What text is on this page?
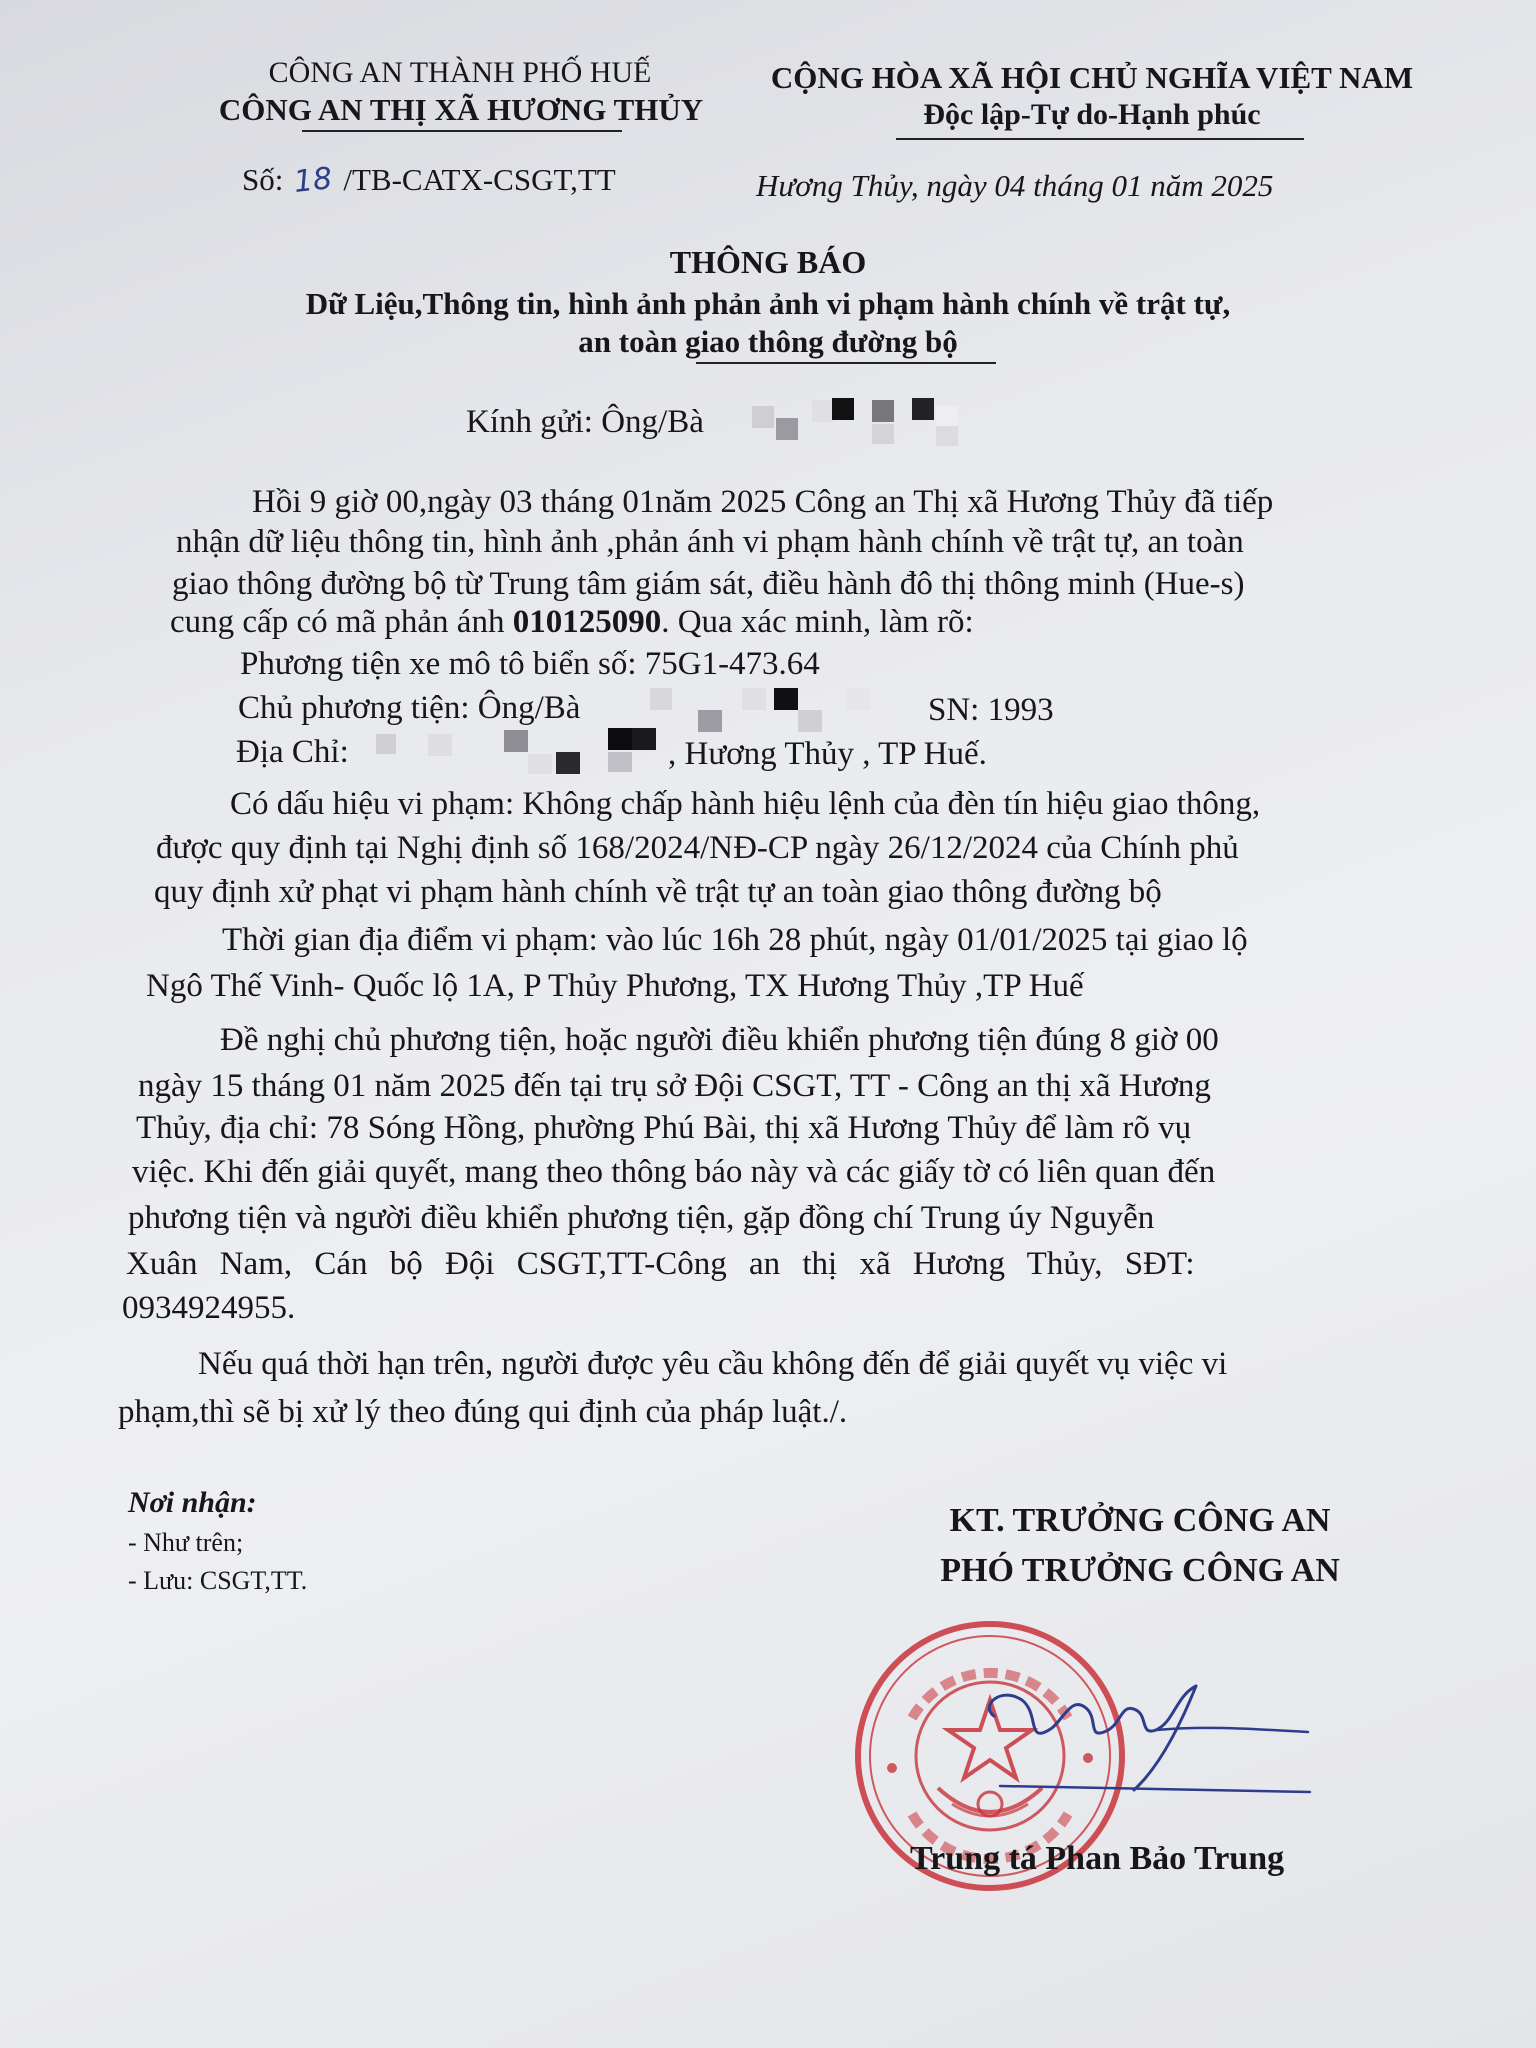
CÔNG AN THÀNH PHỐ HUẾ
CÔNG AN THỊ XÃ HƯƠNG THỦY
CỘNG HÒA XÃ HỘI CHỦ NGHĨA VIỆT NAM
Độc lập-Tự do-Hạnh phúc
Số: 18 /TB-CATX-CSGT,TT	Hương Thủy, ngày 04 tháng 01 năm 2025
THÔNG BÁO
Dữ Liệu,Thông tin, hình ảnh phản ảnh vi phạm hành chính về trật tự,
an toàn giao thông đường bộ
Kính gửi: Ông/Bà
Hồi 9 giờ 00,ngày 03 tháng 01năm 2025 Công an Thị xã Hương Thủy đã tiếp
nhận dữ liệu thông tin, hình ảnh ,phản ánh vi phạm hành chính về trật tự, an toàn
giao thông đường bộ từ Trung tâm giám sát, điều hành đô thị thông minh (Hue-s)
cung cấp có mã phản ánh 010125090. Qua xác minh, làm rõ:
Phương tiện xe mô tô biển số: 75G1-473.64
Chủ phương tiện: Ông/Bà	SN: 1993
Địa Chỉ:	, Hương Thủy , TP Huế.
Có dấu hiệu vi phạm: Không chấp hành hiệu lệnh của đèn tín hiệu giao thông,
được quy định tại Nghị định số 168/2024/NĐ-CP ngày 26/12/2024 của Chính phủ
quy định xử phạt vi phạm hành chính về trật tự an toàn giao thông đường bộ
Thời gian địa điểm vi phạm: vào lúc 16h 28 phút, ngày 01/01/2025 tại giao lộ
Ngô Thế Vinh- Quốc lộ 1A, P Thủy Phương, TX Hương Thủy ,TP Huế
Đề nghị chủ phương tiện, hoặc người điều khiển phương tiện đúng 8 giờ 00
ngày 15 tháng 01 năm 2025 đến tại trụ sở Đội CSGT, TT - Công an thị xã Hương
Thủy, địa chỉ: 78 Sóng Hồng, phường Phú Bài, thị xã Hương Thủy để làm rõ vụ
việc. Khi đến giải quyết, mang theo thông báo này và các giấy tờ có liên quan đến
phương tiện và người điều khiển phương tiện, gặp đồng chí Trung úy Nguyễn
Xuân Nam, Cán bộ Đội CSGT,TT-Công an thị xã Hương Thủy, SĐT:
0934924955.
Nếu quá thời hạn trên, người được yêu cầu không đến để giải quyết vụ việc vi
phạm,thì sẽ bị xử lý theo đúng qui định của pháp luật./.
Nơi nhận:
- Như trên;
- Lưu: CSGT,TT.
KT. TRƯỞNG CÔNG AN
PHÓ TRƯỞNG CÔNG AN
Trung tá Phan Bảo Trung
